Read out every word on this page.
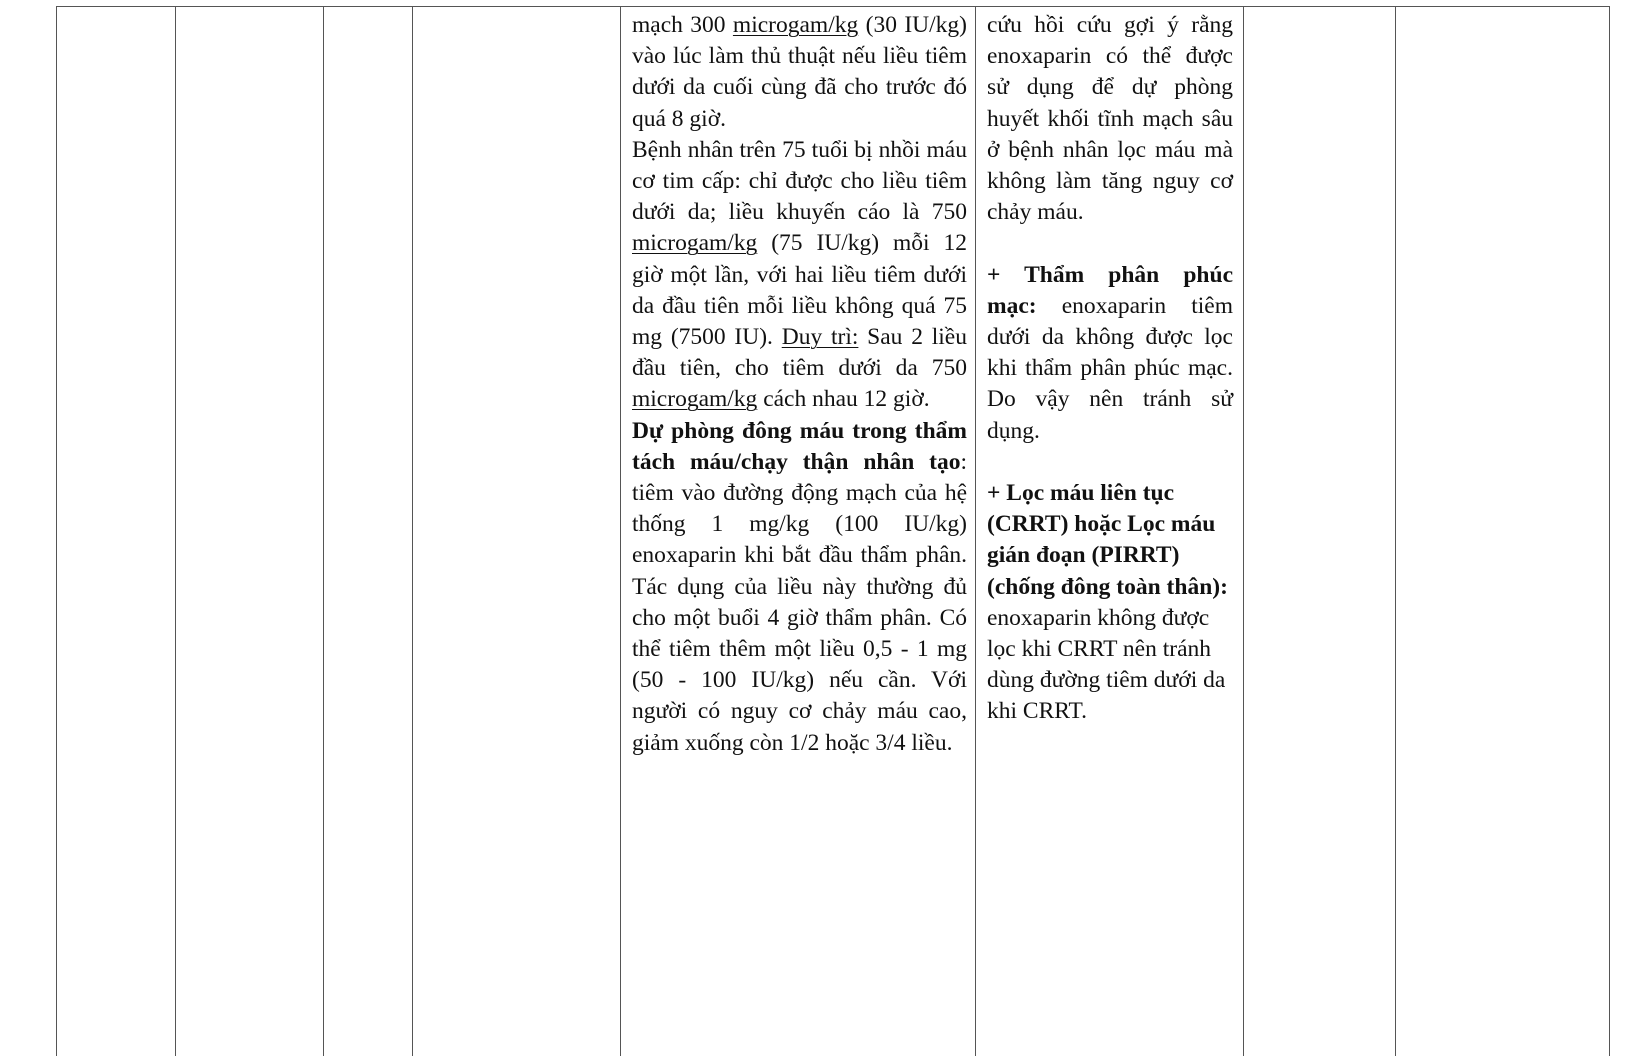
mạch 300 microgam/kg (30 IU/kg) vào lúc làm thủ thuật nếu liều tiêm dưới da cuối cùng đã cho trước đó quá 8 giờ.

Bệnh nhân trên 75 tuổi bị nhồi máu cơ tim cấp: chỉ được cho liều tiêm dưới da; liều khuyến cáo là 750 microgam/kg (75 IU/kg) mỗi 12 giờ một lần, với hai liều tiêm dưới da đầu tiên mỗi liều không quá 75 mg (7500 IU). Duy trì: Sau 2 liều đầu tiên, cho tiêm dưới da 750 microgam/kg cách nhau 12 giờ.

Dự phòng đông máu trong thẩm tách máu/chạy thận nhân tạo: tiêm vào đường động mạch của hệ thống 1 mg/kg (100 IU/kg) enoxaparin khi bắt đầu thẩm phân. Tác dụng của liều này thường đủ cho một buổi 4 giờ thẩm phân. Có thể tiêm thêm một liều 0,5 - 1 mg (50 - 100 IU/kg) nếu cần. Với người có nguy cơ chảy máu cao, giảm xuống còn 1/2 hoặc 3/4 liều.

cứu hồi cứu gợi ý rằng enoxaparin có thể được sử dụng để dự phòng huyết khối tĩnh mạch sâu ở bệnh nhân lọc máu mà không làm tăng nguy cơ chảy máu.

+ Thẩm phân phúc mạc: enoxaparin tiêm dưới da không được lọc khi thẩm phân phúc mạc. Do vậy nên tránh sử dụng.

+ Lọc máu liên tục (CRRT) hoặc Lọc máu gián đoạn (PIRRT) (chống đông toàn thân): enoxaparin không được lọc khi CRRT nên tránh dùng đường tiêm dưới da khi CRRT.
